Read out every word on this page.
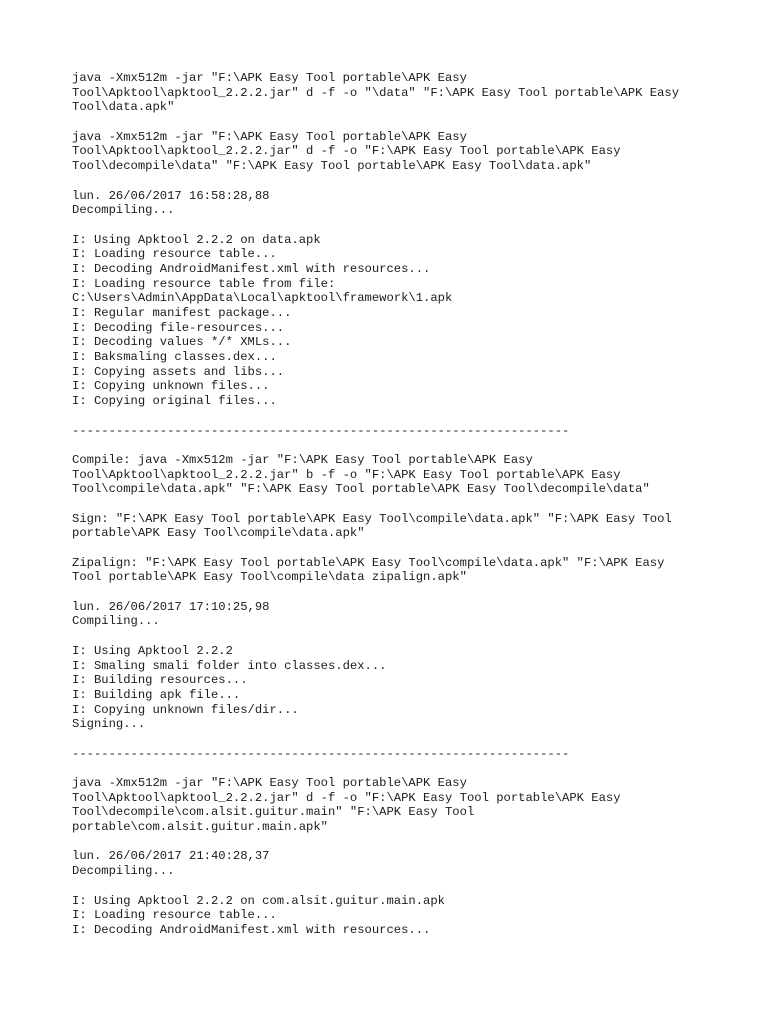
java -Xmx512m -jar "F:\APK Easy Tool portable\APK Easy
Tool\Apktool\apktool_2.2.2.jar" d -f -o "\data" "F:\APK Easy Tool portable\APK Easy
Tool\data.apk"
java -Xmx512m -jar "F:\APK Easy Tool portable\APK Easy
Tool\Apktool\apktool_2.2.2.jar" d -f -o "F:\APK Easy Tool portable\APK Easy
Tool\decompile\data" "F:\APK Easy Tool portable\APK Easy Tool\data.apk"
lun. 26/06/2017 16:58:28,88
Decompiling...
I: Using Apktool 2.2.2 on data.apk
I: Loading resource table...
I: Decoding AndroidManifest.xml with resources...
I: Loading resource table from file:
C:\Users\Admin\AppData\Local\apktool\framework\1.apk
I: Regular manifest package...
I: Decoding file-resources...
I: Decoding values */* XMLs...
I: Baksmaling classes.dex...
I: Copying assets and libs...
I: Copying unknown files...
I: Copying original files...
--------------------------------------------------------------------
Compile: java -Xmx512m -jar "F:\APK Easy Tool portable\APK Easy
Tool\Apktool\apktool_2.2.2.jar" b -f -o "F:\APK Easy Tool portable\APK Easy
Tool\compile\data.apk" "F:\APK Easy Tool portable\APK Easy Tool\decompile\data"
Sign: "F:\APK Easy Tool portable\APK Easy Tool\compile\data.apk" "F:\APK Easy Tool
portable\APK Easy Tool\compile\data.apk"
Zipalign: "F:\APK Easy Tool portable\APK Easy Tool\compile\data.apk" "F:\APK Easy
Tool portable\APK Easy Tool\compile\data zipalign.apk"
lun. 26/06/2017 17:10:25,98
Compiling...
I: Using Apktool 2.2.2
I: Smaling smali folder into classes.dex...
I: Building resources...
I: Building apk file...
I: Copying unknown files/dir...
Signing...
--------------------------------------------------------------------
java -Xmx512m -jar "F:\APK Easy Tool portable\APK Easy
Tool\Apktool\apktool_2.2.2.jar" d -f -o "F:\APK Easy Tool portable\APK Easy
Tool\decompile\com.alsit.guitur.main" "F:\APK Easy Tool
portable\com.alsit.guitur.main.apk"
lun. 26/06/2017 21:40:28,37
Decompiling...
I: Using Apktool 2.2.2 on com.alsit.guitur.main.apk
I: Loading resource table...
I: Decoding AndroidManifest.xml with resources...
